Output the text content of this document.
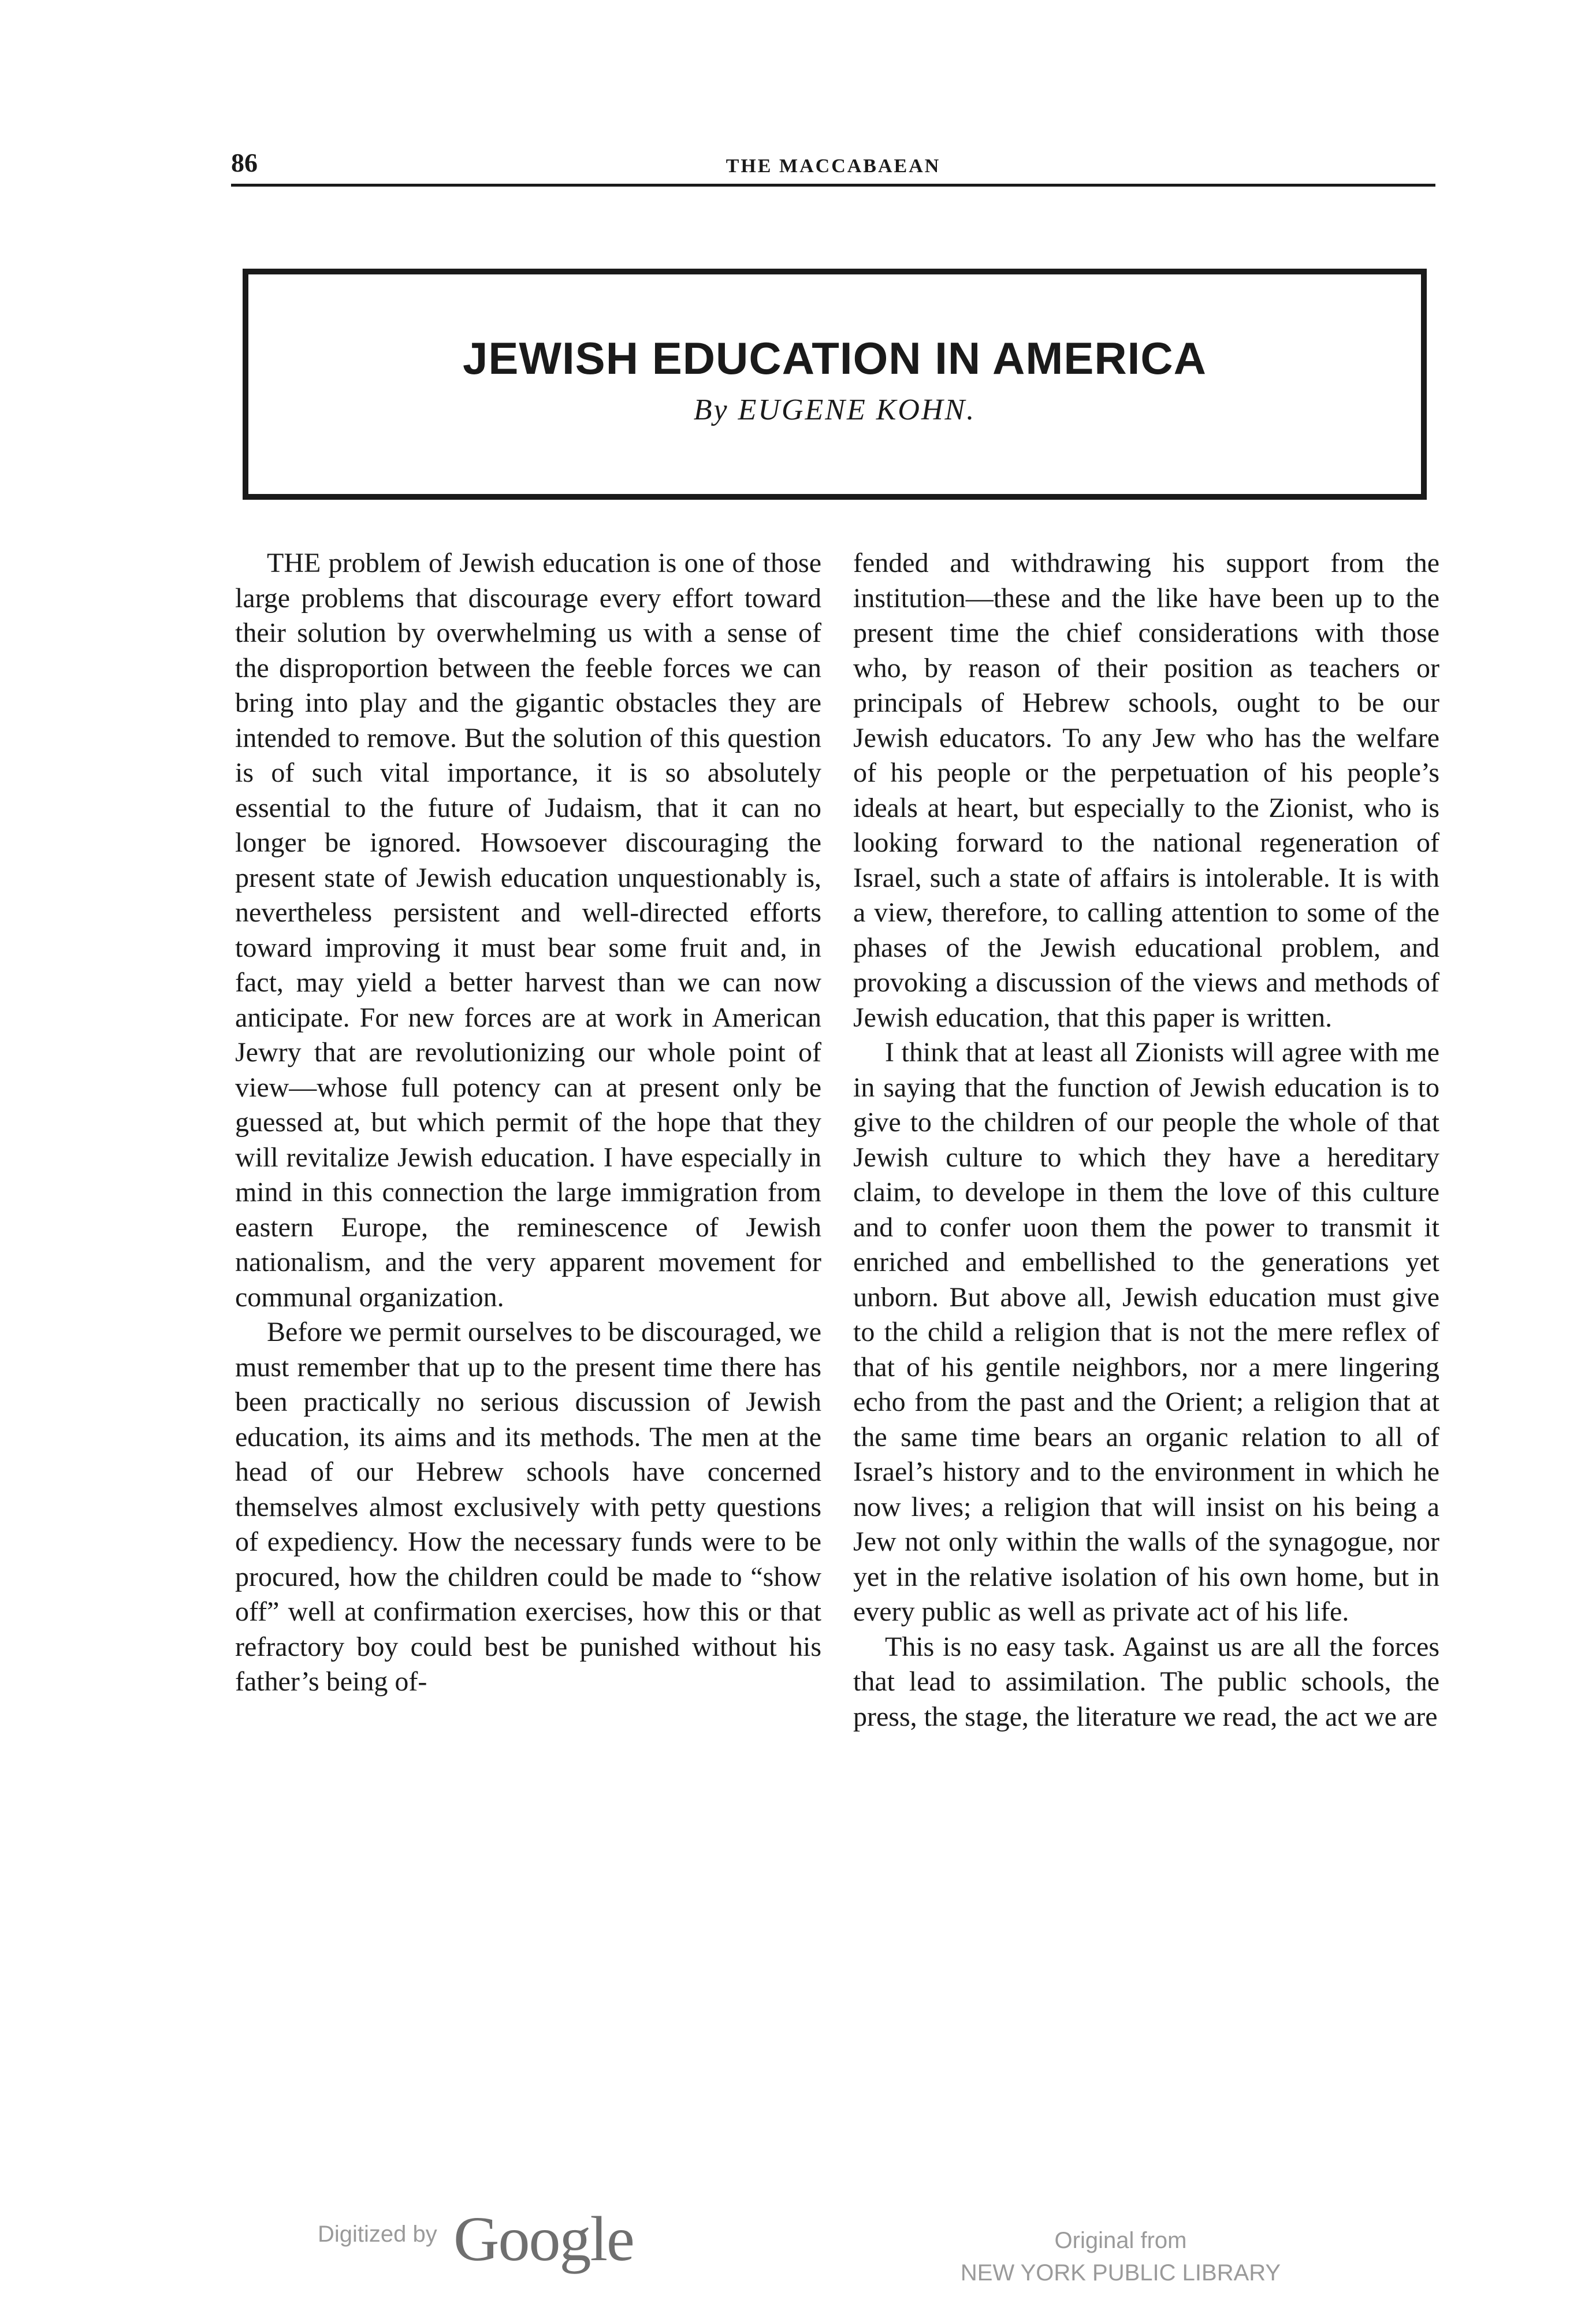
86	THE MACCABAEAN
JEWISH EDUCATION IN AMERICA
By EUGENE KOHN.

THE problem of Jewish education is one of those large problems that discourage every effort toward their solution by overwhelming us with a sense of the disproportion between the feeble forces we can bring into play and the gigantic obstacles they are intended to remove. But the solution of this question is of such vital importance, it is so absolutely essential to the future of Judaism, that it can no longer be ignored. Howsoever discouraging the present state of Jewish education unquestionably is, nevertheless persistent and well-directed efforts toward improving it must bear some fruit and, in fact, may yield a better harvest than we can now anticipate. For new forces are at work in American Jewry that are revolutionizing our whole point of view—whose full potency can at present only be guessed at, but which permit of the hope that they will revitalize Jewish education. I have especially in mind in this connection the large immigration from eastern Europe, the reminescence of Jewish nationalism, and the very apparent movement for communal organization.

Before we permit ourselves to be discouraged, we must remember that up to the present time there has been practically no serious discussion of Jewish education, its aims and its methods. The men at the head of our Hebrew schools have concerned themselves almost exclusively with petty questions of expediency. How the necessary funds were to be procured, how the children could be made to “show off” well at confirmation exercises, how this or that refractory boy could best be punished without his father’s being of-

fended and withdrawing his support from the institution—these and the like have been up to the present time the chief considerations with those who, by reason of their position as teachers or principals of Hebrew schools, ought to be our Jewish educators. To any Jew who has the welfare of his people or the perpetuation of his people’s ideals at heart, but especially to the Zionist, who is looking forward to the national regeneration of Israel, such a state of affairs is intolerable. It is with a view, therefore, to calling attention to some of the phases of the Jewish educational problem, and provoking a discussion of the views and methods of Jewish education, that this paper is written.

I think that at least all Zionists will agree with me in saying that the function of Jewish education is to give to the children of our people the whole of that Jewish culture to which they have a hereditary claim, to develope in them the love of this culture and to confer uoon them the power to transmit it enriched and embellished to the generations yet unborn. But above all, Jewish education must give to the child a religion that is not the mere reflex of that of his gentile neighbors, nor a mere lingering echo from the past and the Orient; a religion that at the same time bears an organic relation to all of Israel’s history and to the environment in which he now lives; a religion that will insist on his being a Jew not only within the walls of the synagogue, nor yet in the relative isolation of his own home, but in every public as well as private act of his life.

This is no easy task. Against us are all the forces that lead to assimilation. The public schools, the press, the stage, the literature we read, the act we are

Digitized by Google	Original from
NEW YORK PUBLIC LIBRARY
